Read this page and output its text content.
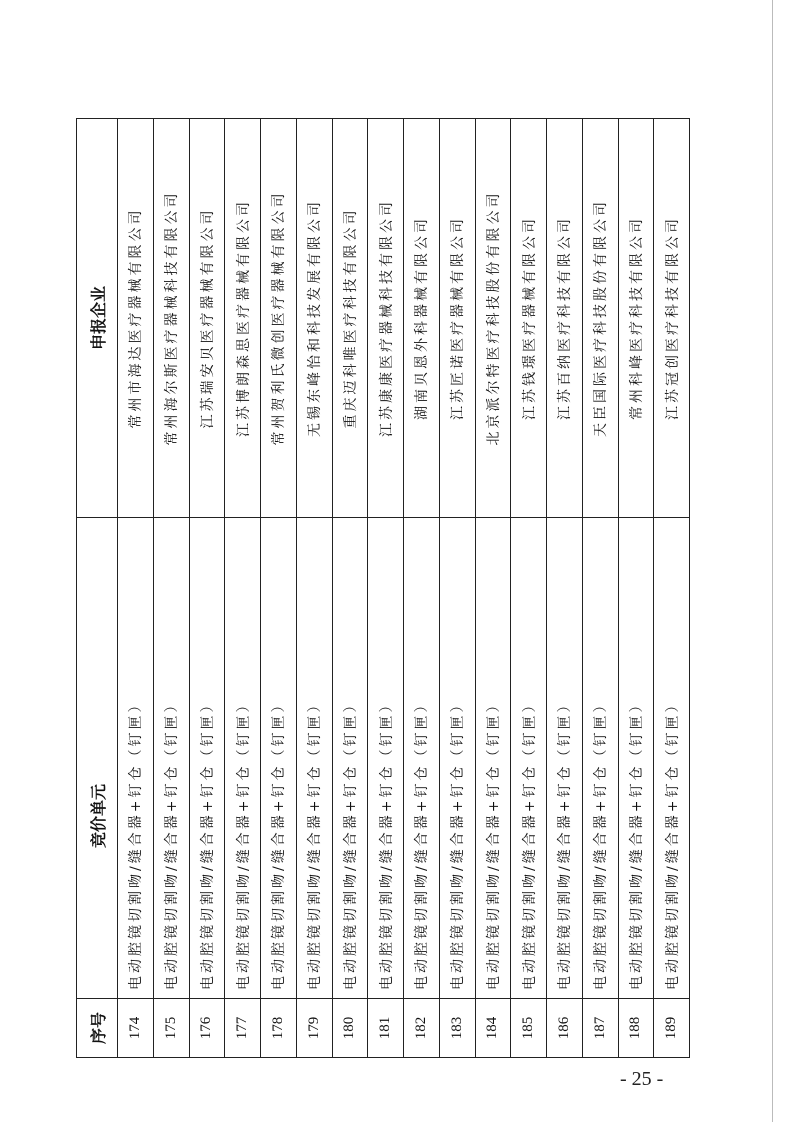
序号	竞价单元	申报企业
174	电动腔镜切割吻/缝合器+钉仓（钉匣）	常州市海达医疗器械有限公司
175	电动腔镜切割吻/缝合器+钉仓（钉匣）	常州海尔斯医疗器械科技有限公司
176	电动腔镜切割吻/缝合器+钉仓（钉匣）	江苏瑞安贝医疗器械有限公司
177	电动腔镜切割吻/缝合器+钉仓（钉匣）	江苏博朗森思医疗器械有限公司
178	电动腔镜切割吻/缝合器+钉仓（钉匣）	常州贺利氏微创医疗器械有限公司
179	电动腔镜切割吻/缝合器+钉仓（钉匣）	无锡东峰怡和科技发展有限公司
180	电动腔镜切割吻/缝合器+钉仓（钉匣）	重庆迈科唯医疗科技有限公司
181	电动腔镜切割吻/缝合器+钉仓（钉匣）	江苏康康医疗器械科技有限公司
182	电动腔镜切割吻/缝合器+钉仓（钉匣）	湖南贝恩外科器械有限公司
183	电动腔镜切割吻/缝合器+钉仓（钉匣）	江苏匠诺医疗器械有限公司
184	电动腔镜切割吻/缝合器+钉仓（钉匣）	北京派尔特医疗科技股份有限公司
185	电动腔镜切割吻/缝合器+钉仓（钉匣）	江苏钱璟医疗器械有限公司
186	电动腔镜切割吻/缝合器+钉仓（钉匣）	江苏百纳医疗科技有限公司
187	电动腔镜切割吻/缝合器+钉仓（钉匣）	天臣国际医疗科技股份有限公司
188	电动腔镜切割吻/缝合器+钉仓（钉匣）	常州科峰医疗科技有限公司
189	电动腔镜切割吻/缝合器+钉仓（钉匣）	江苏冠创医疗科技有限公司
- 25 -
